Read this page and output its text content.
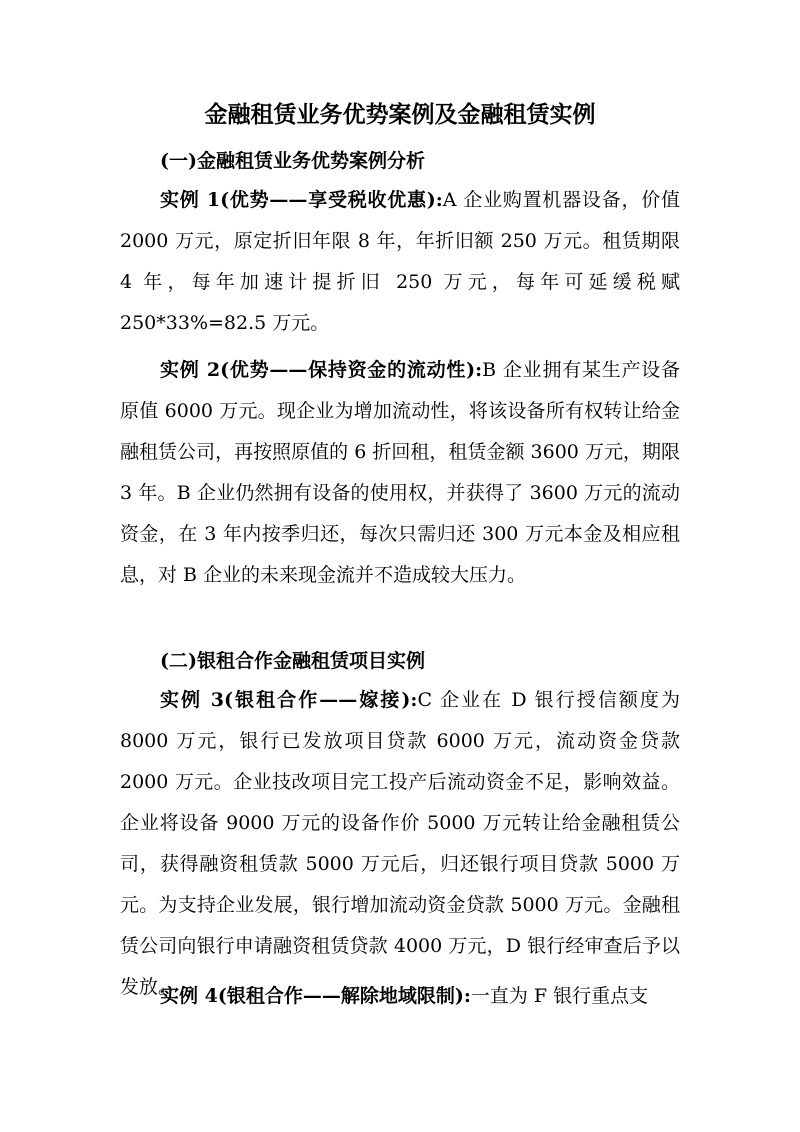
金融租赁业务优势案例及金融租赁实例
(一)金融租赁业务优势案例分析
实例 1(优势——享受税收优惠):A 企业购置机器设备，价值 2000 万元，原定折旧年限 8 年，年折旧额 250 万元。租赁期限 4 年，每年加速计提折旧 250 万元，每年可延缓税赋 250*33%=82.5 万元。
实例 2(优势——保持资金的流动性):B 企业拥有某生产设备原值 6000 万元。现企业为增加流动性，将该设备所有权转让给金融租赁公司，再按照原值的 6 折回租，租赁金额 3600 万元，期限 3 年。B 企业仍然拥有设备的使用权，并获得了 3600 万元的流动资金，在 3 年内按季归还，每次只需归还 300 万元本金及相应租息，对 B 企业的未来现金流并不造成较大压力。
(二)银租合作金融租赁项目实例
实例 3(银租合作——嫁接):C 企业在 D 银行授信额度为 8000 万元，银行已发放项目贷款 6000 万元，流动资金贷款 2000 万元。企业技改项目完工投产后流动资金不足，影响效益。企业将设备 9000 万元的设备作价 5000 万元转让给金融租赁公司，获得融资租赁款 5000 万元后，归还银行项目贷款 5000 万元。为支持企业发展，银行增加流动资金贷款 5000 万元。金融租赁公司向银行申请融资租赁贷款 4000 万元，D 银行经审查后予以发放。
实例 4(银租合作——解除地域限制):一直为 F 银行重点支
